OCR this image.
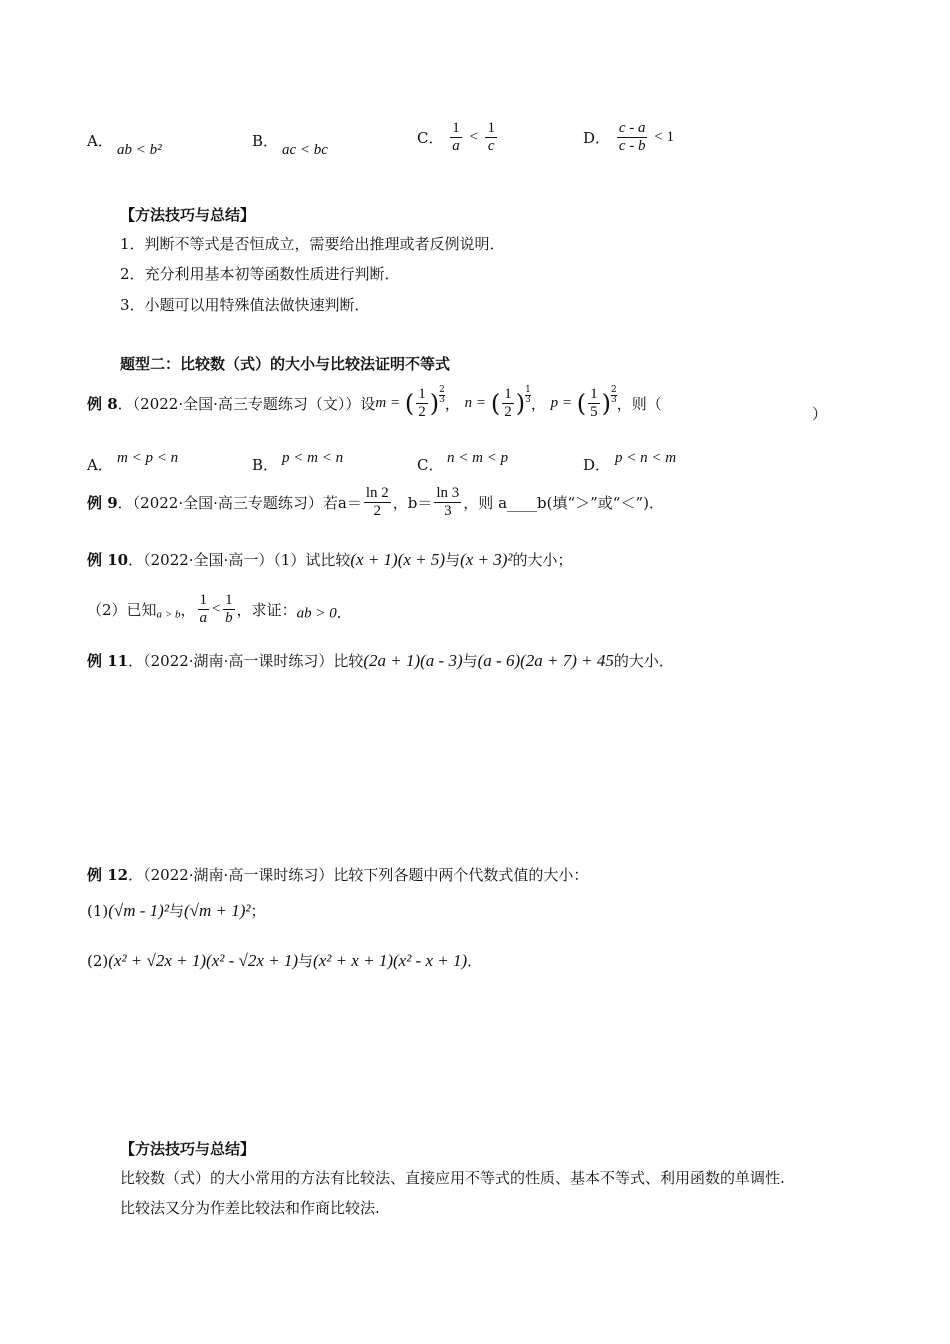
A． ab < b²	B． ac < bc
C． $\frac{1}{a} < \frac{1}{c}$	D． $\frac{c - a}{c - b} < 1$
【方法技巧与总结】
1．判断不等式是否恒成立，需要给出推理或者反例说明．
2．充分利用基本初等函数性质进行判断．
3．小题可以用特殊值法做快速判断．
题型二：比较数（式）的大小与比较法证明不等式
例 8．（2022·全国·高三专题练习（文））设m = ( $\frac{1}{2}$ ) $\frac{2}{3}$， n = ( $\frac{1}{2}$ ) $\frac{1}{3}$， p = ( $\frac{1}{5}$ ) $\frac{2}{3}$，则（
）
A． m < p < n	B． p < m < n	C． n < m < p	D． p < n < m
例 9．（2022·全国·高三专题练习）若$a= \frac{\ln 2}{2}$ ，$b= \frac{\ln 3}{3}$ ，则 a____b(填“＞”或“＜”)．
例 10．（2022·全国·高一）（1）试比较(x + 1)(x + 5)与(x + 3)²的大小；
（2）已知$_{a > b}$， $\frac{1}{a} < \frac{1}{b}$ ，求证：ab > 0．
例 11．（2022·湖南·高一课时练习）比较(2a + 1)(a - 3)与(a - 6)(2a + 7) + 45的大小．
例 12．（2022·湖南·高一课时练习）比较下列各题中两个代数式值的大小：
(1)(√m - 1)²与(√m + 1)²；
(2)(x² + √2x + 1)(x² - √2x + 1)与(x² + x + 1)(x² - x + 1)．
【方法技巧与总结】
比较数（式）的大小常用的方法有比较法、直接应用不等式的性质、基本不等式、利用函数的单调性.
比较法又分为作差比较法和作商比较法.
